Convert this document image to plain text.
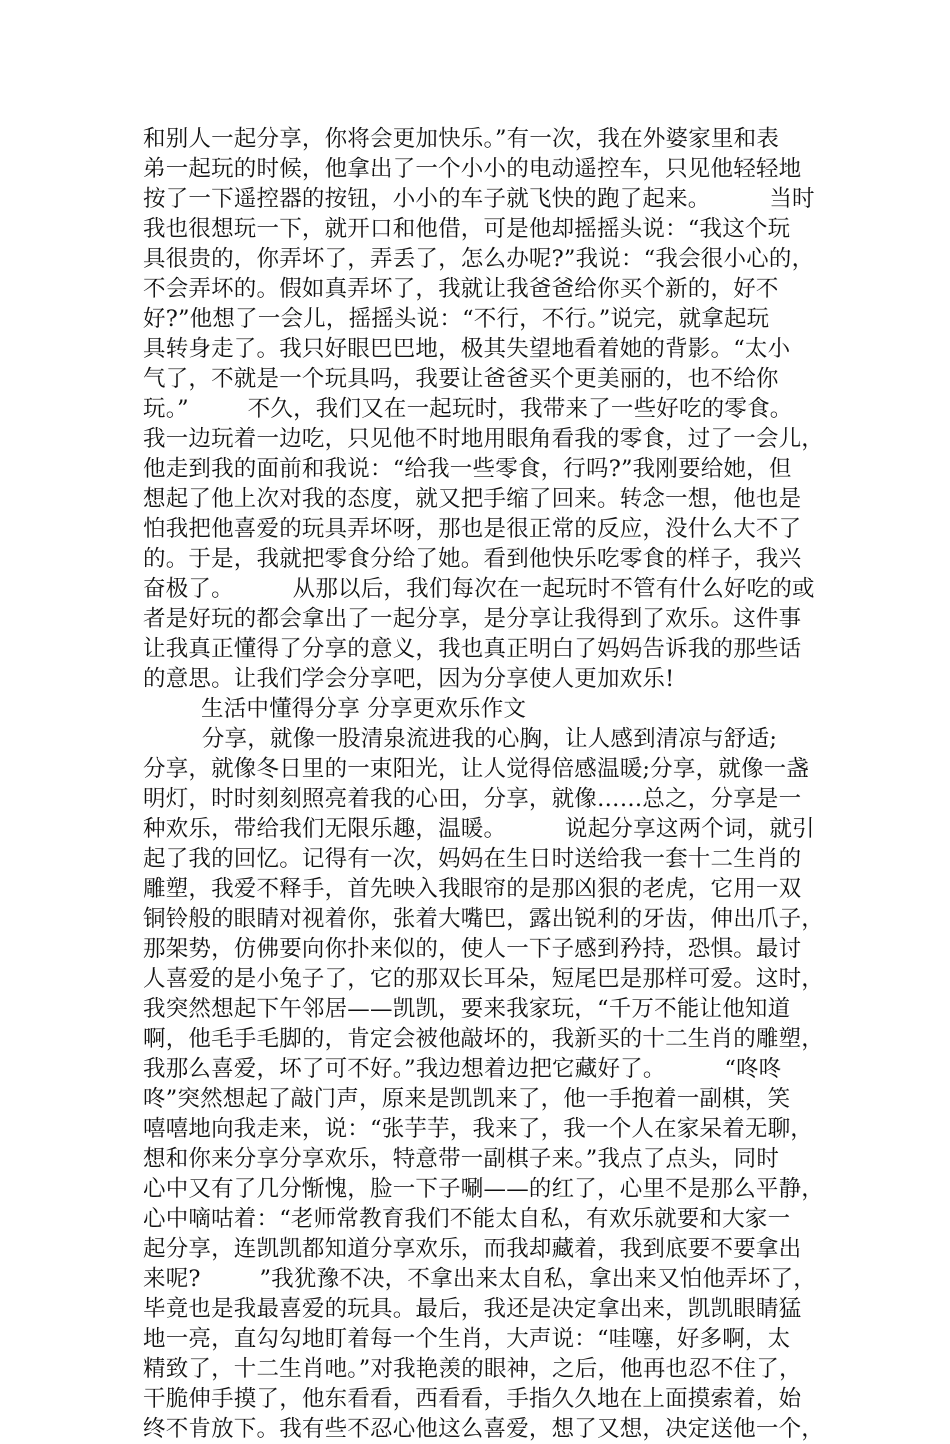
和别人一起分享，你将会更加快乐。”有一次，我在外婆家里和表
弟一起玩的时候，他拿出了一个小小的电动遥控车，只见他轻轻地
按了一下遥控器的按钮，小小的车子就飞快的跑了起来。        当时
我也很想玩一下，就开口和他借，可是他却摇摇头说：“我这个玩
具很贵的，你弄坏了，弄丢了，怎么办呢?”我说：“我会很小心的，
不会弄坏的。假如真弄坏了，我就让我爸爸给你买个新的，好不
好?”他想了一会儿，摇摇头说：“不行，不行。”说完，就拿起玩
具转身走了。我只好眼巴巴地，极其失望地看着她的背影。“太小
气了，不就是一个玩具吗，我要让爸爸买个更美丽的，也不给你
玩。”        不久，我们又在一起玩时，我带来了一些好吃的零食。
我一边玩着一边吃，只见他不时地用眼角看我的零食，过了一会儿，
他走到我的面前和我说：“给我一些零食，行吗?”我刚要给她，但
想起了他上次对我的态度，就又把手缩了回来。转念一想，他也是
怕我把他喜爱的玩具弄坏呀，那也是很正常的反应，没什么大不了
的。于是，我就把零食分给了她。看到他快乐吃零食的样子，我兴
奋极了。        从那以后，我们每次在一起玩时不管有什么好吃的或
者是好玩的都会拿出了一起分享，是分享让我得到了欢乐。这件事
让我真正懂得了分享的意义，我也真正明白了妈妈告诉我的那些话
的意思。让我们学会分享吧，因为分享使人更加欢乐!
生活中懂得分享 分享更欢乐作文
分享，就像一股清泉流进我的心胸，让人感到清凉与舒适;
分享，就像冬日里的一束阳光，让人觉得倍感温暖;分享，就像一盏
明灯，时时刻刻照亮着我的心田，分享，就像……总之，分享是一
种欢乐，带给我们无限乐趣，温暖。        说起分享这两个词，就引
起了我的回忆。记得有一次，妈妈在生日时送给我一套十二生肖的
雕塑，我爱不释手，首先映入我眼帘的是那凶狠的老虎，它用一双
铜铃般的眼睛对视着你，张着大嘴巴，露出锐利的牙齿，伸出爪子，
那架势，仿佛要向你扑来似的，使人一下子感到矜持，恐惧。最讨
人喜爱的是小兔子了，它的那双长耳朵，短尾巴是那样可爱。这时，
我突然想起下午邻居——凯凯，要来我家玩，“千万不能让他知道
啊，他毛手毛脚的，肯定会被他敲坏的，我新买的十二生肖的雕塑，
我那么喜爱，坏了可不好。”我边想着边把它藏好了。        “咚咚
咚”突然想起了敲门声，原来是凯凯来了，他一手抱着一副棋，笑
嘻嘻地向我走来，说：“张芋芋，我来了，我一个人在家呆着无聊，
想和你来分享分享欢乐，特意带一副棋子来。”我点了点头，同时
心中又有了几分惭愧，脸一下子唰——的红了，心里不是那么平静，
心中嘀咕着：“老师常教育我们不能太自私，有欢乐就要和大家一
起分享，连凯凯都知道分享欢乐，而我却藏着，我到底要不要拿出
来呢?        ”我犹豫不决，不拿出来太自私，拿出来又怕他弄坏了，
毕竟也是我最喜爱的玩具。最后，我还是决定拿出来，凯凯眼睛猛
地一亮，直勾勾地盯着每一个生肖，大声说：“哇噻，好多啊，太
精致了，十二生肖吔。”对我艳羡的眼神，之后，他再也忍不住了，
干脆伸手摸了，他东看看，西看看，手指久久地在上面摸索着，始
终不肯放下。我有些不忍心他这么喜爱，想了又想，决定送他一个，
